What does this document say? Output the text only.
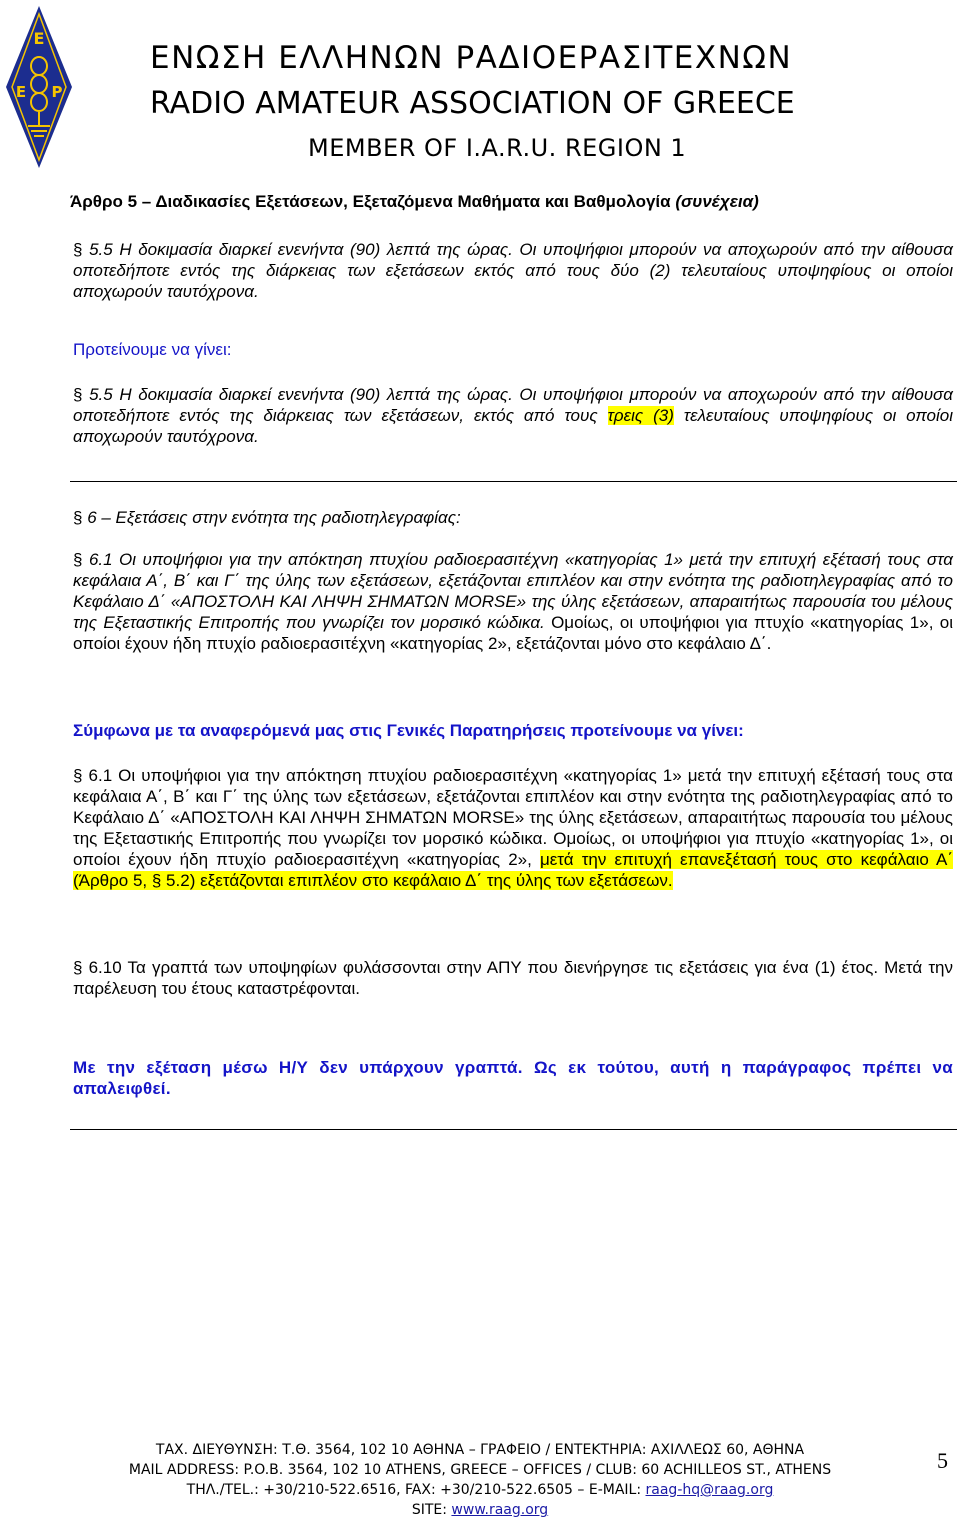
Ε
Ε Ρ
ΕΝΩΣΗ ΕΛΛΗΝΩΝ ΡΑΔΙΟΕΡΑΣΙΤΕΧΝΩΝ
RADIO AMATEUR ASSOCIATION OF GREECE
MEMBER OF I.A.R.U. REGION 1
Άρθρο 5 – Διαδικασίες Εξετάσεων, Εξεταζόμενα Μαθήματα και Βαθμολογία (συνέχεια)
§ 5.5 Η δοκιμασία διαρκεί ενενήντα (90) λεπτά της ώρας. Οι υποψήφιοι μπορούν να αποχωρούν από την αίθουσα οποτεδήποτε εντός της διάρκειας των εξετάσεων εκτός από τους δύο (2) τελευταίους υποψηφίους οι οποίοι αποχωρούν ταυτόχρονα.
Προτείνουμε να γίνει:
§ 5.5 Η δοκιμασία διαρκεί ενενήντα (90) λεπτά της ώρας. Οι υποψήφιοι μπορούν να αποχωρούν από την αίθουσα οποτεδήποτε εντός της διάρκειας των εξετάσεων, εκτός από τους τρεις (3) τελευταίους υποψηφίους οι οποίοι αποχωρούν ταυτόχρονα.
§ 6 – Εξετάσεις στην ενότητα της ραδιοτηλεγραφίας:
§ 6.1 Οι υποψήφιοι για την απόκτηση πτυχίου ραδιοερασιτέχνη «κατηγορίας 1» μετά την επιτυχή εξέτασή τους στα κεφάλαια Α΄, Β΄ και Γ΄ της ύλης των εξετάσεων, εξετάζονται επιπλέον και στην ενότητα της ραδιοτηλεγραφίας από το Κεφάλαιο Δ΄ «ΑΠΟΣΤΟΛΗ ΚΑΙ ΛΗΨΗ ΣΗΜΑΤΩΝ MORSE» της ύλης εξετάσεων, απαραιτήτως παρουσία του μέλους της Εξεταστικής Επιτροπής που γνωρίζει τον μορσικό κώδικα. Ομοίως, οι υποψήφιοι για πτυχίο «κατηγορίας 1», οι οποίοι έχουν ήδη πτυχίο ραδιοερασιτέχνη «κατηγορίας 2», εξετάζονται μόνο στο κεφάλαιο Δ΄.
Σύμφωνα με τα αναφερόμενά μας στις Γενικές Παρατηρήσεις προτείνουμε να γίνει:
§ 6.1 Οι υποψήφιοι για την απόκτηση πτυχίου ραδιοερασιτέχνη «κατηγορίας 1» μετά την επιτυχή εξέτασή τους στα κεφάλαια Α΄, Β΄ και Γ΄ της ύλης των εξετάσεων, εξετάζονται επιπλέον και στην ενότητα της ραδιοτηλεγραφίας από το Κεφάλαιο Δ΄ «ΑΠΟΣΤΟΛΗ ΚΑΙ ΛΗΨΗ ΣΗΜΑΤΩΝ MORSE» της ύλης εξετάσεων, απαραιτήτως παρουσία του μέλους της Εξεταστικής Επιτροπής που γνωρίζει τον μορσικό κώδικα. Ομοίως, οι υποψήφιοι για πτυχίο «κατηγορίας 1», οι οποίοι έχουν ήδη πτυχίο ραδιοερασιτέχνη «κατηγορίας 2», μετά την επιτυχή επανεξέτασή τους στο κεφάλαιο Α΄ (Άρθρο 5, § 5.2) εξετάζονται επιπλέον στο κεφάλαιο Δ΄ της ύλης των εξετάσεων.
§ 6.10 Τα γραπτά των υποψηφίων φυλάσσονται στην ΑΠΥ που διενήργησε τις εξετάσεις για ένα (1) έτος. Μετά την παρέλευση του έτους καταστρέφονται.
Με την εξέταση μέσω Η/Υ δεν υπάρχουν γραπτά. Ως εκ τούτου, αυτή η παράγραφος πρέπει να απαλειφθεί.
ΤΑΧ. ΔΙΕΥΘΥΝΣΗ: Τ.Θ. 3564, 102 10 ΑΘΗΝΑ – ΓΡΑΦΕΙΟ / ΕΝΤΕΚΤΗΡΙΑ: ΑΧΙΛΛΕΩΣ 60, ΑΘΗΝΑ
MAIL ADDRESS: P.O.B. 3564, 102 10 ATHENS, GREECE – OFFICES / CLUB: 60 ACHILLEOS ST., ATHENS
ΤΗΛ./TEL.: +30/210-522.6516, FAX: +30/210-522.6505 – E-MAIL: raag-hq@raag.org
SITE: www.raag.org
5
